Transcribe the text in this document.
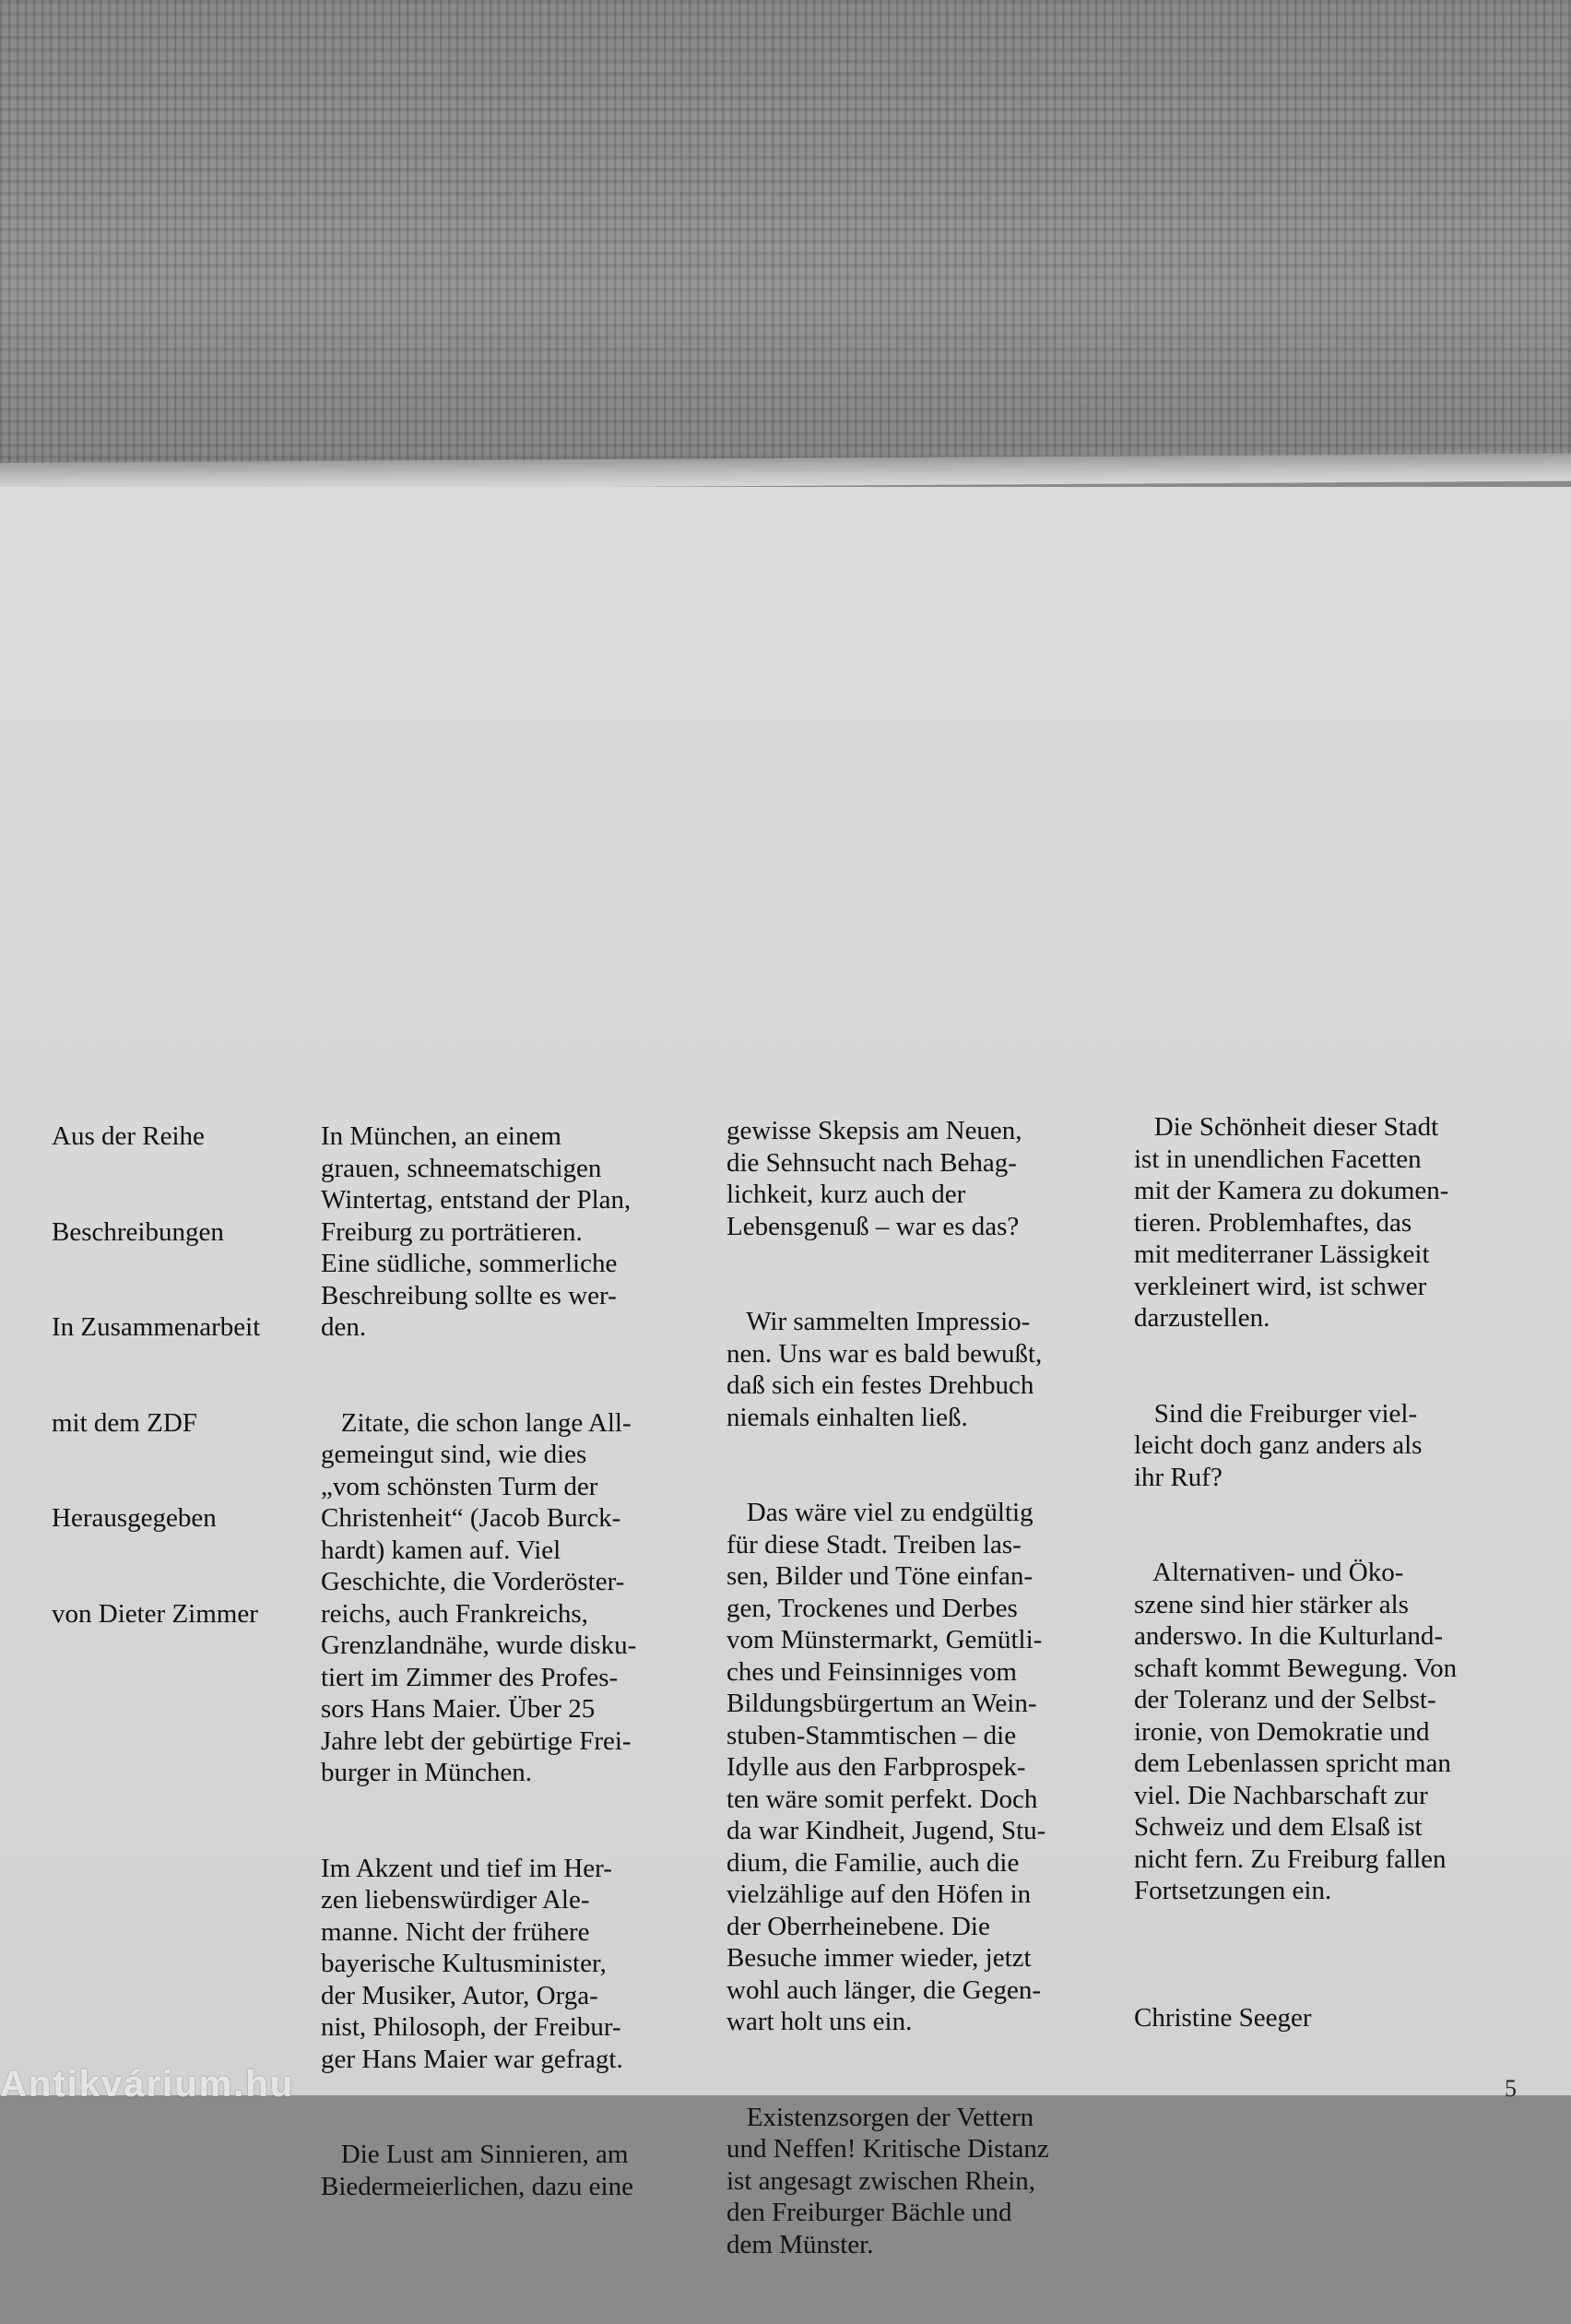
Aus der Reihe

Beschreibungen

In Zusammenarbeit

mit dem ZDF

Herausgegeben

von Dieter Zimmer

In München, an einem
grauen, schneematschigen
Wintertag, entstand der Plan,
Freiburg zu porträtieren.
Eine südliche, sommerliche
Beschreibung sollte es wer-
den.

Zitate, die schon lange All-
gemeingut sind, wie dies
„vom schönsten Turm der
Christenheit“ (Jacob Burck-
hardt) kamen auf. Viel
Geschichte, die Vorderöster-
reichs, auch Frankreichs,
Grenzlandnähe, wurde disku-
tiert im Zimmer des Profes-
sors Hans Maier. Über 25
Jahre lebt der gebürtige Frei-
burger in München.

Im Akzent und tief im Her-
zen liebenswürdiger Ale-
manne. Nicht der frühere
bayerische Kultusminister,
der Musiker, Autor, Orga-
nist, Philosoph, der Freibur-
ger Hans Maier war gefragt.

Die Lust am Sinnieren, am
Biedermeierlichen, dazu eine

gewisse Skepsis am Neuen,
die Sehnsucht nach Behag-
lichkeit, kurz auch der
Lebensgenuß – war es das?

Wir sammelten Impressio-
nen. Uns war es bald bewußt,
daß sich ein festes Drehbuch
niemals einhalten ließ.

Das wäre viel zu endgültig
für diese Stadt. Treiben las-
sen, Bilder und Töne einfan-
gen, Trockenes und Derbes
vom Münstermarkt, Gemütli-
ches und Feinsinniges vom
Bildungsbürgertum an Wein-
stuben-Stammtischen – die
Idylle aus den Farbprospek-
ten wäre somit perfekt. Doch
da war Kindheit, Jugend, Stu-
dium, die Familie, auch die
vielzählige auf den Höfen in
der Oberrheinebene. Die
Besuche immer wieder, jetzt
wohl auch länger, die Gegen-
wart holt uns ein.

Existenzsorgen der Vettern
und Neffen! Kritische Distanz
ist angesagt zwischen Rhein,
den Freiburger Bächle und
dem Münster.

Die Schönheit dieser Stadt
ist in unendlichen Facetten
mit der Kamera zu dokumen-
tieren. Problemhaftes, das
mit mediterraner Lässigkeit
verkleinert wird, ist schwer
darzustellen.

Sind die Freiburger viel-
leicht doch ganz anders als
ihr Ruf?

Alternativen- und Öko-
szene sind hier stärker als
anderswo. In die Kulturland-
schaft kommt Bewegung. Von
der Toleranz und der Selbst-
ironie, von Demokratie und
dem Lebenlassen spricht man
viel. Die Nachbarschaft zur
Schweiz und dem Elsaß ist
nicht fern. Zu Freiburg fallen
Fortsetzungen ein.

Christine Seeger

Antikvárium.hu	5
